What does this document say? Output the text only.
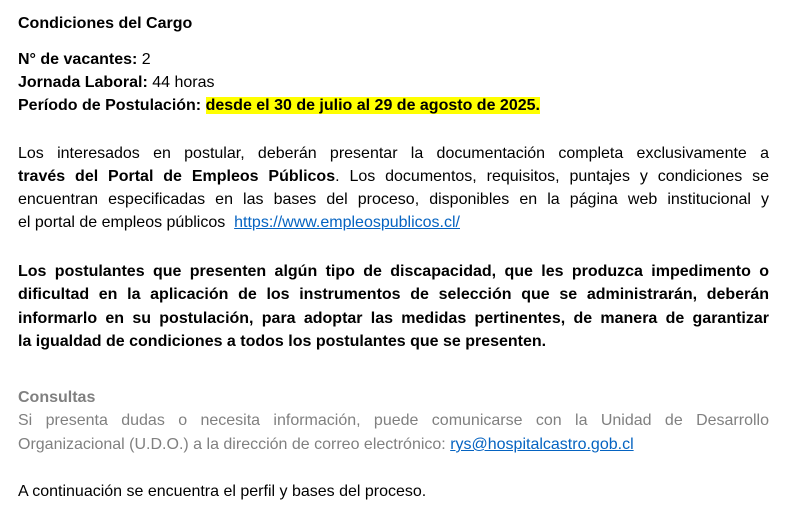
Condiciones del Cargo
N° de vacantes: 2
Jornada Laboral: 44 horas
Período de Postulación: desde el 30 de julio al 29 de agosto de 2025.
Los interesados en postular, deberán presentar la documentación completa exclusivamente a
través del Portal de Empleos Públicos. Los documentos, requisitos, puntajes y condiciones se
encuentran especificadas en las bases del proceso, disponibles en la página web institucional y
el portal de empleos públicos  https://www.empleospublicos.cl/
Los postulantes que presenten algún tipo de discapacidad, que les produzca impedimento o
dificultad en la aplicación de los instrumentos de selección que se administrarán, deberán
informarlo en su postulación, para adoptar las medidas pertinentes, de manera de garantizar
la igualdad de condiciones a todos los postulantes que se presenten.
Consultas
Si presenta dudas o necesita información, puede comunicarse con la Unidad de Desarrollo
Organizacional (U.D.O.) a la dirección de correo electrónico: rys@hospitalcastro.gob.cl
A continuación se encuentra el perfil y bases del proceso.
